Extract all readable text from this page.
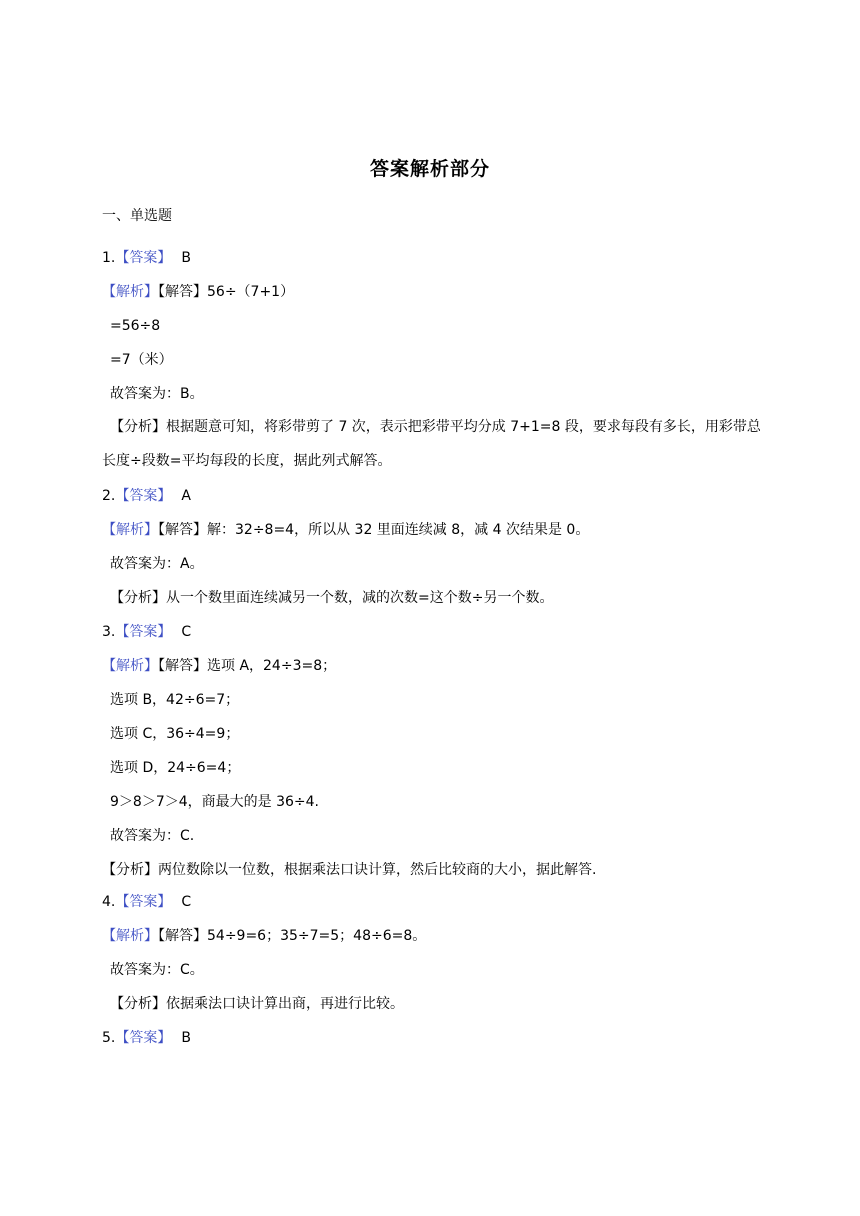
答案解析部分
一、单选题
1.【答案】 B
【解析】【解答】56÷（7+1）
=56÷8
=7（米）
故答案为：B。
【分析】根据题意可知，将彩带剪了 7 次，表示把彩带平均分成 7+1=8 段，要求每段有多长，用彩带总长度÷段数=平均每段的长度，据此列式解答。
2.【答案】 A
【解析】【解答】解：32÷8=4，所以从 32 里面连续减 8，减 4 次结果是 0。
故答案为：A。
【分析】从一个数里面连续减另一个数，减的次数=这个数÷另一个数。
3.【答案】 C
【解析】【解答】选项 A，24÷3=8；
选项 B，42÷6=7；
选项 C，36÷4=9；
选项 D，24÷6=4；
9＞8＞7＞4，商最大的是 36÷4.
故答案为：C.
【分析】两位数除以一位数，根据乘法口诀计算，然后比较商的大小，据此解答.
4.【答案】 C
【解析】【解答】54÷9=6；35÷7=5；48÷6=8。
故答案为：C。
【分析】依据乘法口诀计算出商，再进行比较。
5.【答案】 B
